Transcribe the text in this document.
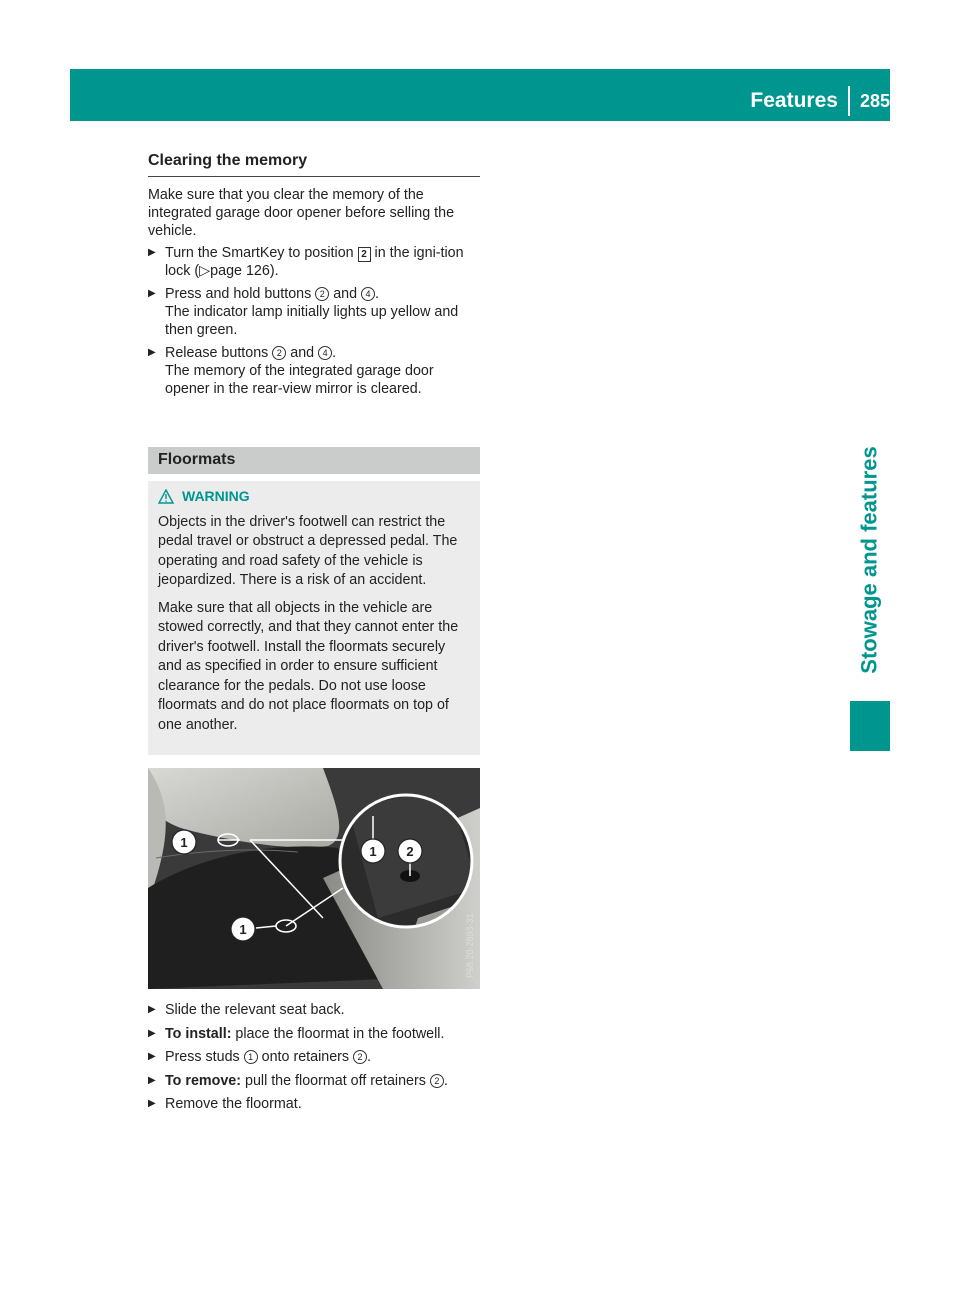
Features	285
Stowage and features
Clearing the memory

Make sure that you clear the memory of the integrated garage door opener before selling the vehicle.

▶ Turn the SmartKey to position 2 in the igni-tion lock (▷page 126).
▶ Press and hold buttons 2 and 4 .
The indicator lamp initially lights up yellow and then green.
▶ Release buttons 2 and 4 .
The memory of the integrated garage door opener in the rear-view mirror is cleared.
Floormats
WARNING

Objects in the driver's footwell can restrict the pedal travel or obstruct a depressed pedal. The operating and road safety of the vehicle is jeopardized. There is a risk of an accident.

Make sure that all objects in the vehicle are stowed correctly, and that they cannot enter the driver's footwell. Install the floormats securely and as specified in order to ensure sufficient clearance for the pedals. Do not use loose floormats and do not place floormats on top of one another.

1
1
1 2
P68.20-2893-31
▶ Slide the relevant seat back.
▶ To install: place the floormat in the footwell.
▶ Press studs 1 onto retainers 2 .
▶ To remove: pull the floormat off retainers 2 .
▶ Remove the floormat.
